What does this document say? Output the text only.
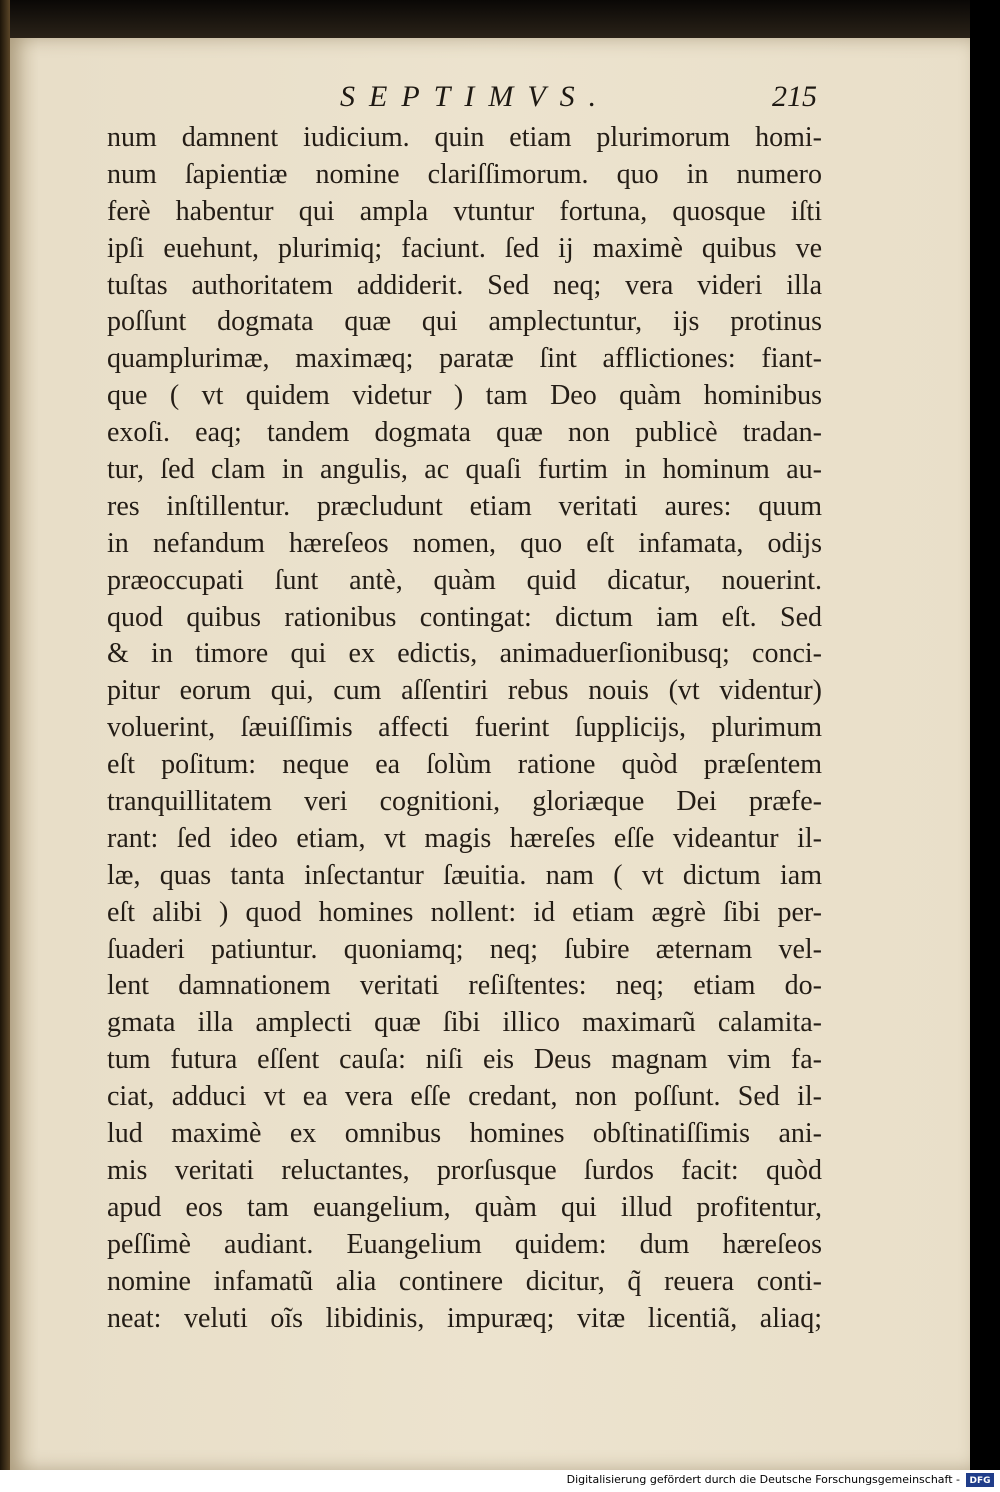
SEPTIMVS.	215
num damnent iudicium. quin etiam plurimorum homi-
num ſapientiæ nomine clariſſimorum. quo in numero
ferè habentur qui ampla vtuntur fortuna, quosque iſti
ipſi euehunt, plurimiq; faciunt. ſed ij maximè quibus ve
tuſtas authoritatem addiderit. Sed neq; vera videri illa
poſſunt dogmata quæ qui amplectuntur, ijs protinus
quamplurimæ, maximæq; paratæ ſint afflictiones: fiant-
que ( vt quidem videtur ) tam Deo quàm hominibus
exoſi. eaq; tandem dogmata quæ non publicè tradan-
tur, ſed clam in angulis, ac quaſi furtim in hominum au-
res inſtillentur. præcludunt etiam veritati aures: quum
in nefandum hæreſeos nomen, quo eſt infamata, odijs
præoccupati ſunt antè, quàm quid dicatur, nouerint.
quod quibus rationibus contingat: dictum iam eſt. Sed
& in timore qui ex edictis, animaduerſionibusq; conci-
pitur eorum qui, cum aſſentiri rebus nouis (vt videntur)
voluerint, ſæuiſſimis affecti fuerint ſupplicijs, plurimum
eſt poſitum: neque ea ſolùm ratione quòd præſentem
tranquillitatem veri cognitioni, gloriæque Dei præfe-
rant: ſed ideo etiam, vt magis hæreſes eſſe videantur il-
læ, quas tanta inſectantur ſæuitia. nam ( vt dictum iam
eſt alibi ) quod homines nollent: id etiam ægrè ſibi per-
ſuaderi patiuntur. quoniamq; neq; ſubire æternam vel-
lent damnationem veritati reſiſtentes: neq; etiam do-
gmata illa amplecti quæ ſibi illico maximarũ calamita-
tum futura eſſent cauſa: niſi eis Deus magnam vim fa-
ciat, adduci vt ea vera eſſe credant, non poſſunt. Sed il-
lud maximè ex omnibus homines obſtinatiſſimis ani-
mis veritati reluctantes, prorſusque ſurdos facit: quòd
apud eos tam euangelium, quàm qui illud profitentur,
peſſimè audiant. Euangelium quidem: dum hæreſeos
nomine infamatũ alia continere dicitur, q̃ reuera conti-
neat: veluti oĩs libidinis, impuræq; vitæ licentiã, aliaq;
Digitalisierung gefördert durch die Deutsche Forschungsgemeinschaft -	DFG
